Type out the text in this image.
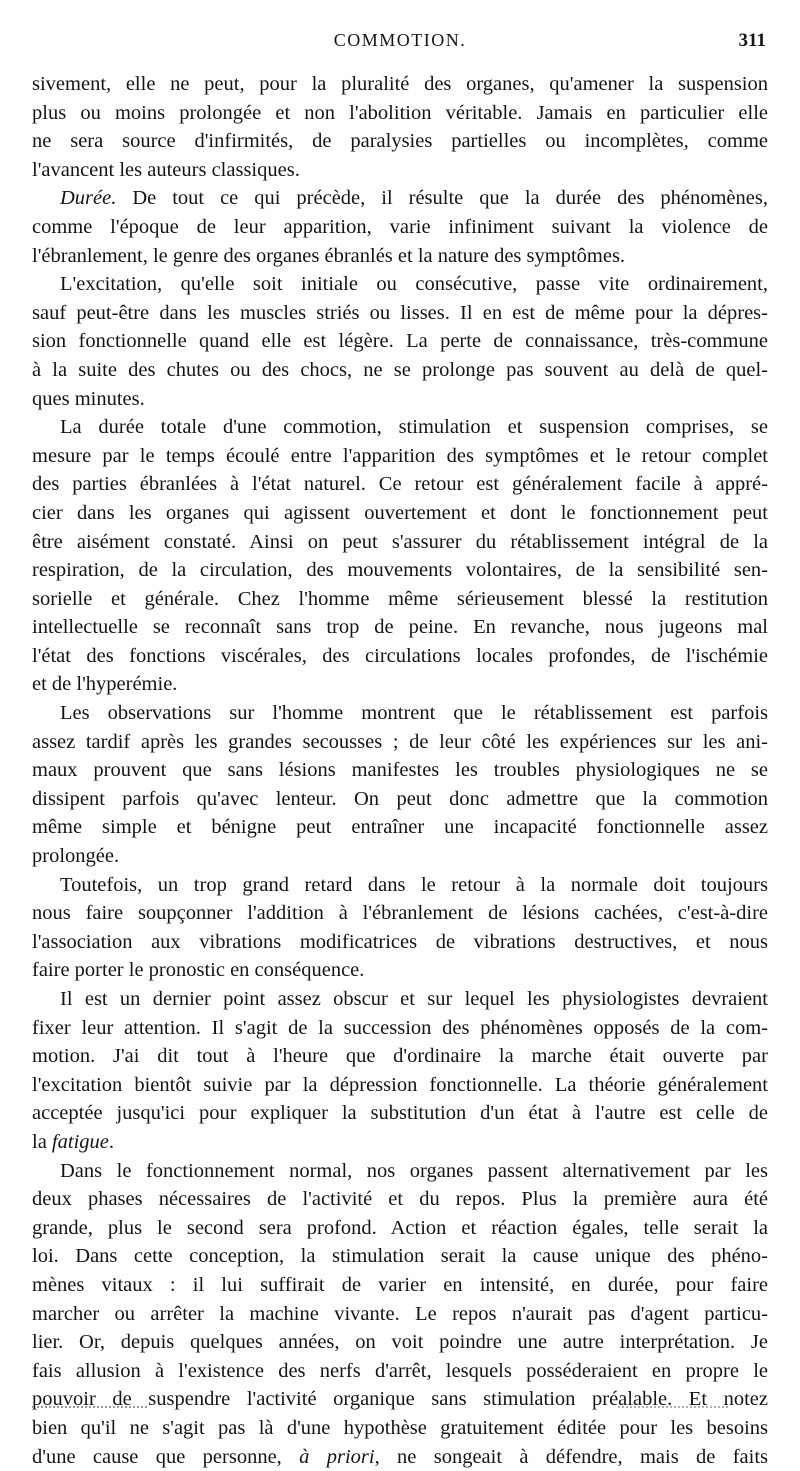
COMMOTION.	311
sivement, elle ne peut, pour la pluralité des organes, qu'amener la suspension
plus ou moins prolongée et non l'abolition véritable. Jamais en particulier elle
ne sera source d'infirmités, de paralysies partielles ou incomplètes, comme
l'avancent les auteurs classiques.
Durée. De tout ce qui précède, il résulte que la durée des phénomènes,
comme l'époque de leur apparition, varie infiniment suivant la violence de
l'ébranlement, le genre des organes ébranlés et la nature des symptômes.
L'excitation, qu'elle soit initiale ou consécutive, passe vite ordinairement,
sauf peut-être dans les muscles striés ou lisses. Il en est de même pour la dépres-
sion fonctionnelle quand elle est légère. La perte de connaissance, très-commune
à la suite des chutes ou des chocs, ne se prolonge pas souvent au delà de quel-
ques minutes.
La durée totale d'une commotion, stimulation et suspension comprises, se
mesure par le temps écoulé entre l'apparition des symptômes et le retour complet
des parties ébranlées à l'état naturel. Ce retour est généralement facile à appré-
cier dans les organes qui agissent ouvertement et dont le fonctionnement peut
être aisément constaté. Ainsi on peut s'assurer du rétablissement intégral de la
respiration, de la circulation, des mouvements volontaires, de la sensibilité sen-
sorielle et générale. Chez l'homme même sérieusement blessé la restitution
intellectuelle se reconnaît sans trop de peine. En revanche, nous jugeons mal
l'état des fonctions viscérales, des circulations locales profondes, de l'ischémie
et de l'hyperémie.
Les observations sur l'homme montrent que le rétablissement est parfois
assez tardif après les grandes secousses ; de leur côté les expériences sur les ani-
maux prouvent que sans lésions manifestes les troubles physiologiques ne se
dissipent parfois qu'avec lenteur. On peut donc admettre que la commotion
même simple et bénigne peut entraîner une incapacité fonctionnelle assez
prolongée.
Toutefois, un trop grand retard dans le retour à la normale doit toujours
nous faire soupçonner l'addition à l'ébranlement de lésions cachées, c'est-à-dire
l'association aux vibrations modificatrices de vibrations destructives, et nous
faire porter le pronostic en conséquence.
Il est un dernier point assez obscur et sur lequel les physiologistes devraient
fixer leur attention. Il s'agit de la succession des phénomènes opposés de la com-
motion. J'ai dit tout à l'heure que d'ordinaire la marche était ouverte par
l'excitation bientôt suivie par la dépression fonctionnelle. La théorie généralement
acceptée jusqu'ici pour expliquer la substitution d'un état à l'autre est celle de
la fatigue.
Dans le fonctionnement normal, nos organes passent alternativement par les
deux phases nécessaires de l'activité et du repos. Plus la première aura été
grande, plus le second sera profond. Action et réaction égales, telle serait la
loi. Dans cette conception, la stimulation serait la cause unique des phéno-
mènes vitaux : il lui suffirait de varier en intensité, en durée, pour faire
marcher ou arrêter la machine vivante. Le repos n'aurait pas d'agent particu-
lier. Or, depuis quelques années, on voit poindre une autre interprétation. Je
fais allusion à l'existence des nerfs d'arrêt, lesquels posséderaient en propre le
pouvoir de suspendre l'activité organique sans stimulation préalable. Et notez
bien qu'il ne s'agit pas là d'une hypothèse gratuitement éditée pour les besoins
d'une cause que personne, à priori, ne songeait à défendre, mais de faits
